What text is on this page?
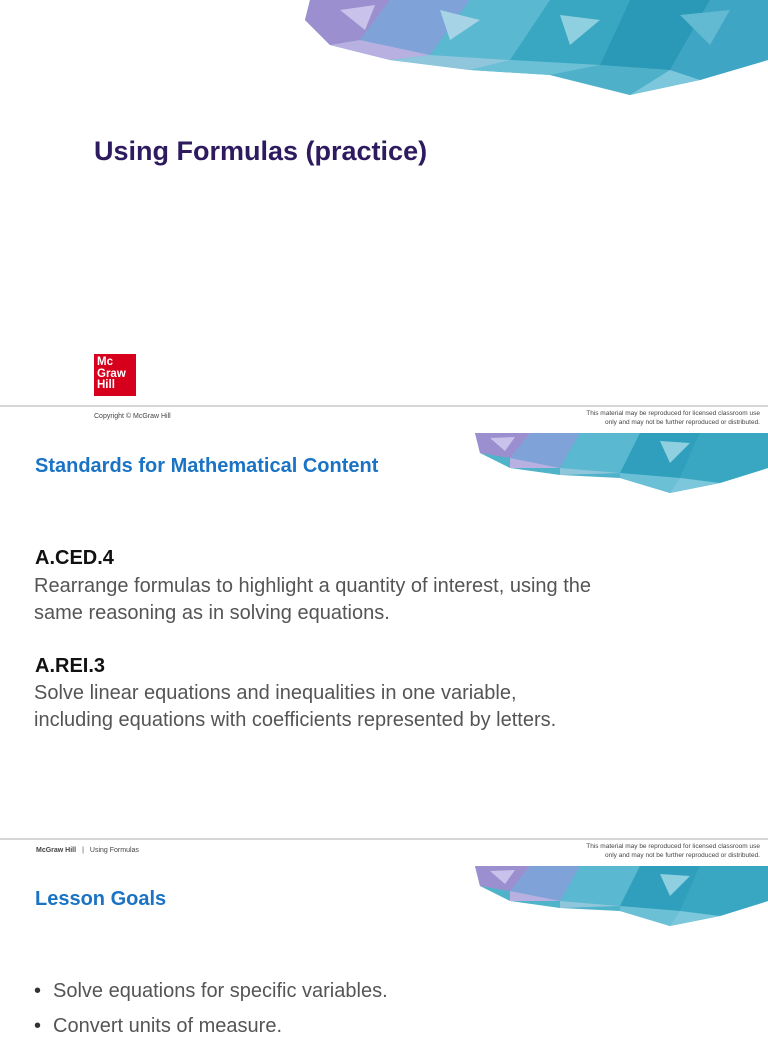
Using Formulas (practice)
Mc
Graw
Hill
Copyright © McGraw Hill	This material may be reproduced for licensed classroom use
only and may not be further reproduced or distributed.
Standards for Mathematical Content
A.CED.4

Rearrange formulas to highlight a quantity of interest, using the same reasoning as in solving equations.

A.REI.3

Solve linear equations and inequalities in one variable, including equations with coefficients represented by letters.

McGraw Hill | Using Formulas
This material may be reproduced for licensed classroom use
only and may not be further reproduced or distributed.
Lesson Goals
• Solve equations for specific variables.
• Convert units of measure.
